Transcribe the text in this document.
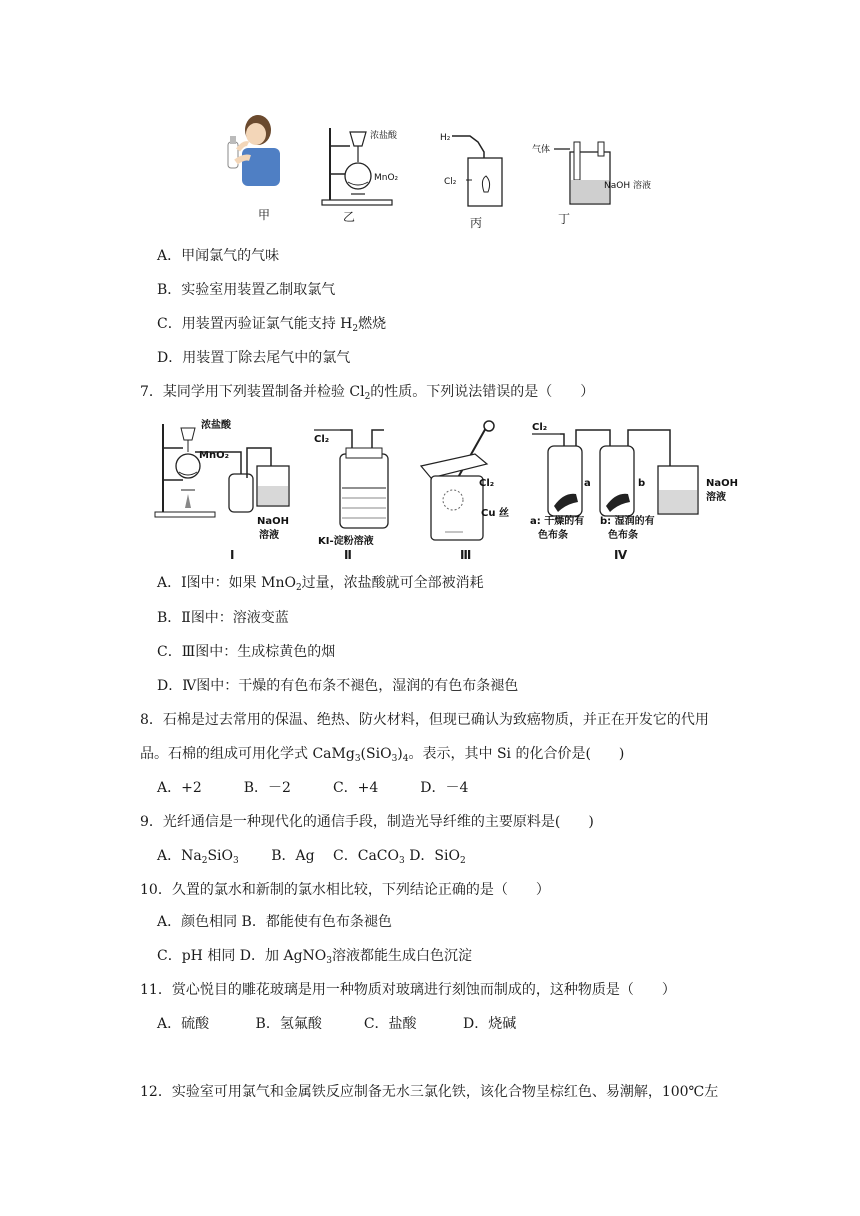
甲
浓盐酸
MnO₂
乙
H₂
Cl₂
丙
气体
NaOH 溶液
丁
A．甲闻氯气的气味
B．实验室用装置乙制取氯气
C．用装置丙验证氯气能支持 $H_2$燃烧
D．用装置丁除去尾气中的氯气
7．某同学用下列装置制备并检验 $Cl_2$的性质。下列说法错误的是（　　）
浓盐酸
MnO₂
NaOH
溶液
Ⅰ
Cl₂
KI-淀粉溶液
Ⅱ
Cl₂
Cu 丝
Ⅲ
Cl₂
a	b	NaOH
溶液
a: 干燥的有
色布条
b: 湿润的有
色布条
Ⅳ
A．Ⅰ图中：如果 MnO$_2$过量，浓盐酸就可全部被消耗
B．Ⅱ图中：溶液变蓝
C．Ⅲ图中：生成棕黄色的烟
D．Ⅳ图中：干燥的有色布条不褪色，湿润的有色布条褪色
8．石棉是过去常用的保温、绝热、防火材料，但现已确认为致癌物质，并正在开发它的代用
品。石棉的组成可用化学式 $CaMg_3(SiO_3)_4$。表示，其中 Si 的化合价是(　　)
A．+2　　　B．－2　　　C．+4　　　D．－4
9．光纤通信是一种现代化的通信手段，制造光导纤维的主要原料是(　　)
A．$Na_2SiO_3$　　 B．Ag　 C．CaCO$_3$ D．SiO$_2$
10．久置的氯水和新制的氯水相比较，下列结论正确的是（　　）
A．颜色相同 B．都能使有色布条褪色
C．pH 相同 D．加 AgNO$_3$溶液都能生成白色沉淀
11．赏心悦目的雕花玻璃是用一种物质对玻璃进行刻蚀而制成的，这种物质是（　　）
A．硫酸　　　 B．氢氟酸　　　C．盐酸　　　 D．烧碱
12．实验室可用氯气和金属铁反应制备无水三氯化铁，该化合物呈棕红色、易潮解，100℃左
